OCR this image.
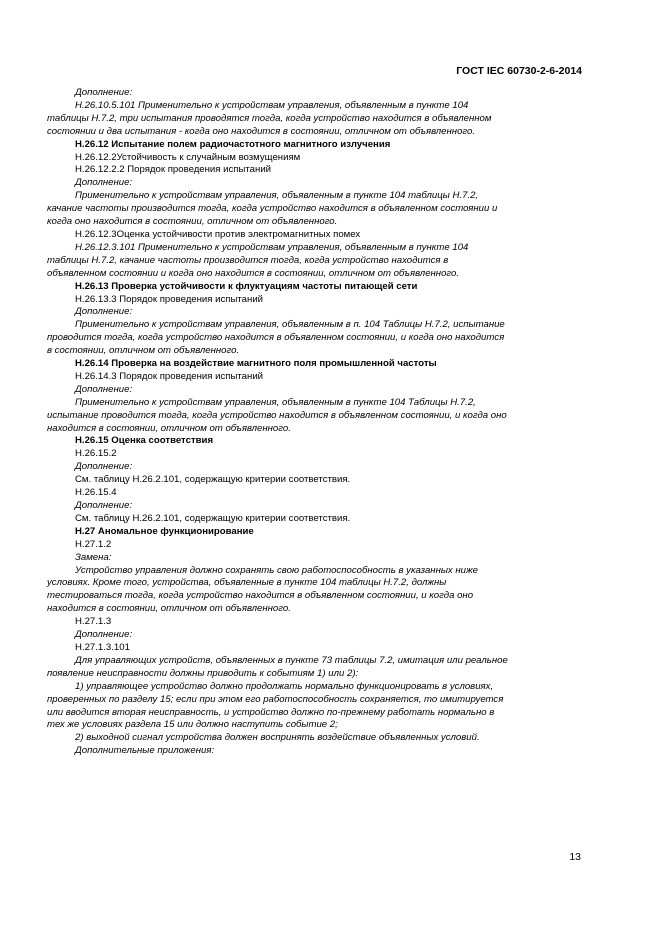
ГОСТ IEC 60730-2-6-2014
Дополнение:
Н.26.10.5.101 Применительно к устройствам управления, объявленным в пункте 104
таблицы Н.7.2, три испытания проводятся тогда, когда устройство находится в объявленном
состоянии и два испытания - когда оно находится в состоянии, отличном от объявленного.
Н.26.12 Испытание полем радиочастотного магнитного излучения
Н.26.12.2Устойчивость к случайным возмущениям
Н.26.12.2.2 Порядок проведения испытаний
Дополнение:
Применительно к устройствам управления, объявленным в пункте 104 таблицы Н.7.2,
качание частоты производится тогда, когда устройство находится в объявленном состоянии и
когда оно находится в состоянии, отличном от объявленного.
Н.26.12.3Оценка устойчивости против электромагнитных помех
Н.26.12.3.101 Применительно к устройствам управления, объявленным в пункте 104
таблицы Н.7.2, качание частоты производится тогда, когда устройство находится в
объявленном состоянии и когда оно находится в состоянии, отличном от объявленного.
Н.26.13 Проверка устойчивости к флуктуациям частоты питающей сети
Н.26.13.3 Порядок проведения испытаний
Дополнение:
Применительно к устройствам управления, объявленным в п. 104 Таблицы Н.7.2, испытание
проводится тогда, когда устройство находится в объявленном состоянии, и когда оно находится
в состоянии, отличном от объявленного.
Н.26.14 Проверка на воздействие магнитного поля промышленной частоты
Н.26.14.3 Порядок проведения испытаний
Дополнение:
Применительно к устройствам управления, объявленным в пункте 104 Таблицы Н.7.2,
испытание проводится тогда, когда устройство находится в объявленном состоянии, и когда оно
находится в состоянии, отличном от объявленного.
Н.26.15 Оценка соответствия
Н.26.15.2
Дополнение:
См. таблицу Н.26.2.101, содержащую критерии соответствия.
Н.26.15.4
Дополнение:
См. таблицу Н.26.2.101, содержащую критерии соответствия.
Н.27 Аномальное функционирование
Н.27.1.2
Замена:
Устройство управления должно сохранять свою работоспособность в указанных ниже
условиях. Кроме того, устройства, объявленные в пункте 104 таблицы Н.7.2, должны
тестироваться тогда, когда устройство находится в объявленном состоянии, и когда оно
находится в состоянии, отличном от объявленного.
Н.27.1.3
Дополнение:
Н.27.1.3.101
Для управляющих устройств, объявленных в пункте 73 таблицы 7.2, имитация или реальное
появление неисправности должны приводить к событиям 1) или 2):
1) управляющее устройство должно продолжать нормально функционировать в условиях,
проверенных по разделу 15; если при этом его работоспособность сохраняется, то имитируется
или вводится вторая неисправность, и устройство должно по-прежнему работать нормально в
тех же условиях раздела 15 или должно наступить событие 2;
2) выходной сигнал устройства должен воспринять воздействие объявленных условий.
Дополнительные приложения:
13
